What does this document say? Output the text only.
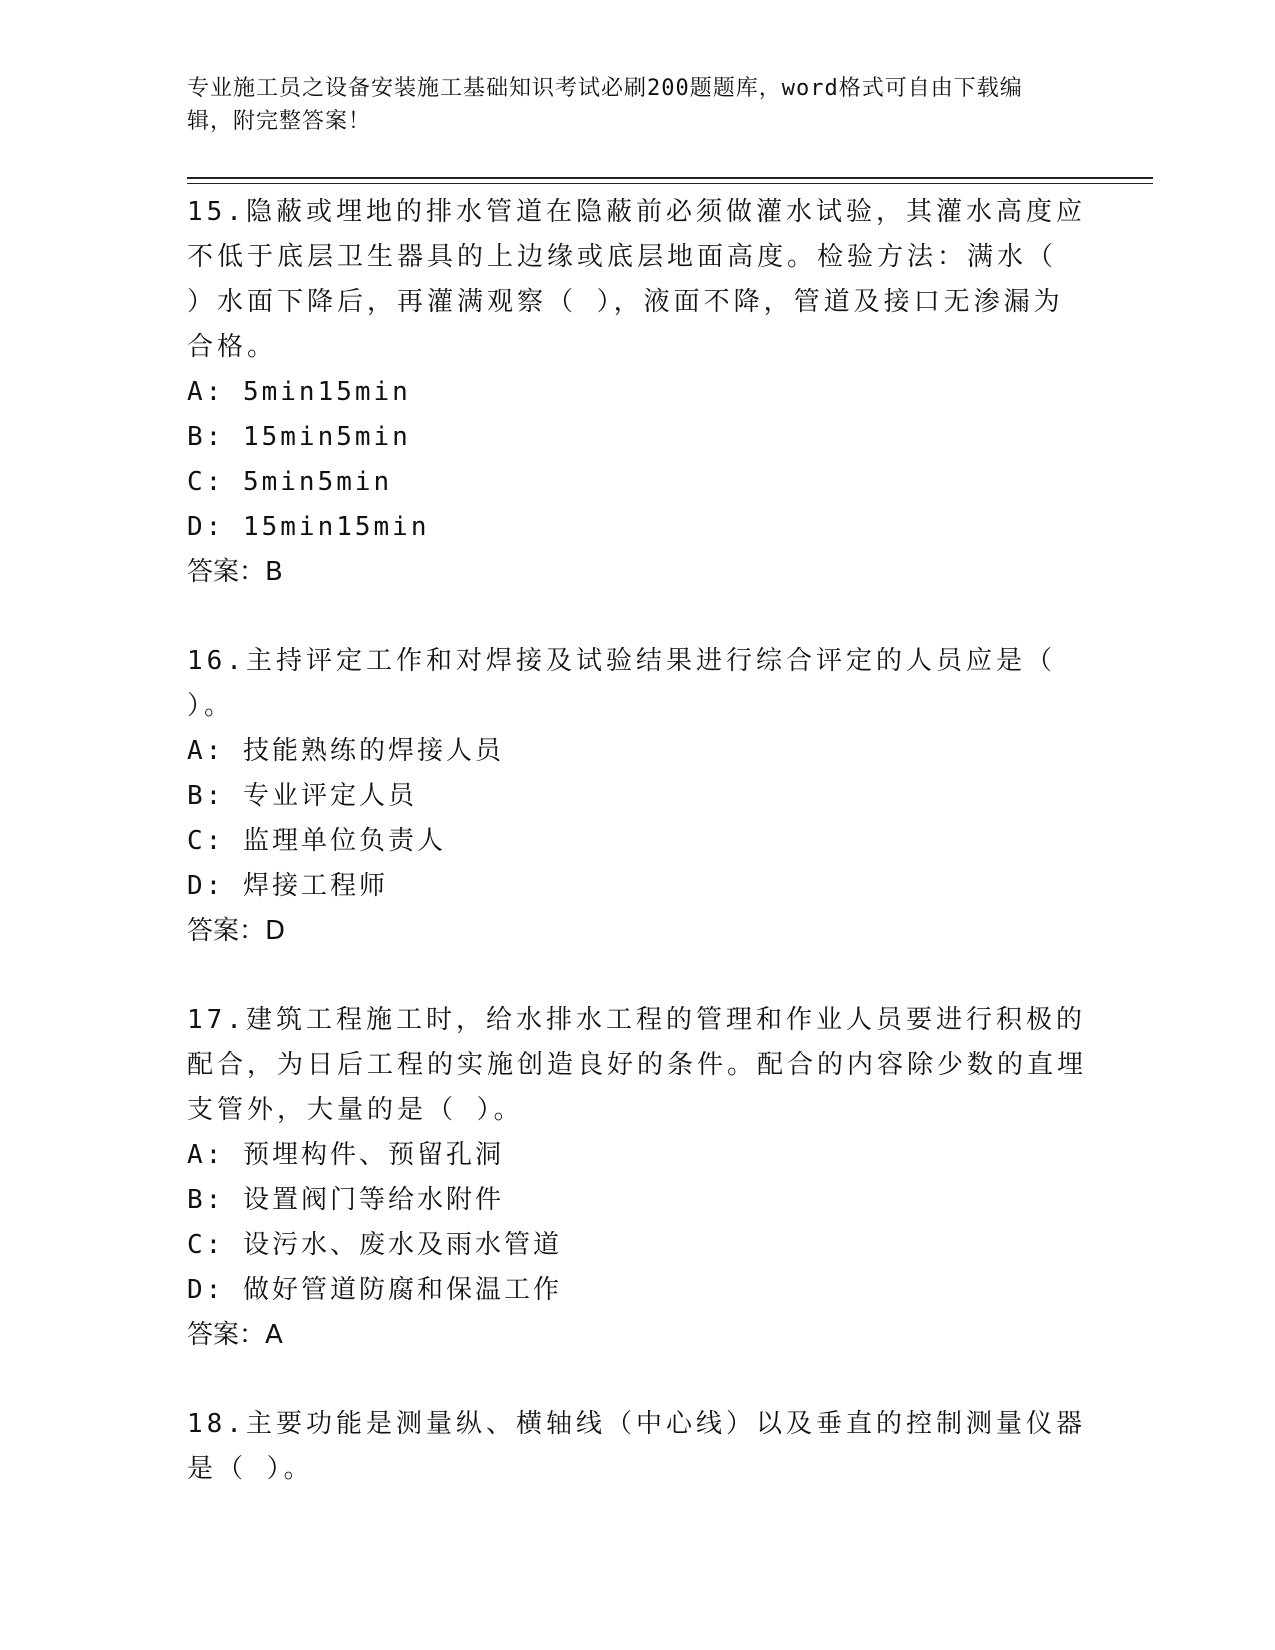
专业施工员之设备安装施工基础知识考试必刷200题题库，word格式可自由下载编辑，附完整答案！

15.隐蔽或埋地的排水管道在隐蔽前必须做灌水试验，其灌水高度应不低于底层卫生器具的上边缘或底层地面高度。检验方法：满水（ ）水面下降后，再灌满观察（ ），液面不降，管道及接口无渗漏为合格。

A: 5min15min

B: 15min5min

C: 5min5min

D: 15min15min

答案：B

16.主持评定工作和对焊接及试验结果进行综合评定的人员应是（ ）。

A: 技能熟练的焊接人员

B: 专业评定人员

C: 监理单位负责人

D: 焊接工程师

答案：D

17.建筑工程施工时，给水排水工程的管理和作业人员要进行积极的配合，为日后工程的实施创造良好的条件。配合的内容除少数的直埋支管外，大量的是（ ）。

A: 预埋构件、预留孔洞

B: 设置阀门等给水附件

C: 设污水、废水及雨水管道

D: 做好管道防腐和保温工作

答案：A

18.主要功能是测量纵、横轴线（中心线）以及垂直的控制测量仪器是（ ）。
